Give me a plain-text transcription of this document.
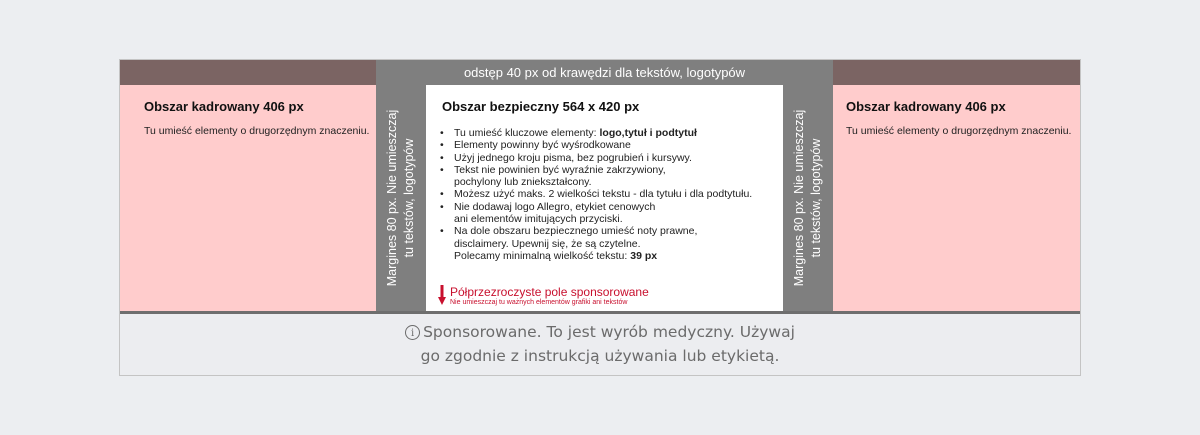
odstęp 40 px od krawędzi dla tekstów, logotypów
Obszar kadrowany 406 px
Tu umieść elementy o drugorzędnym znaczeniu. Margines 80 px. Nie umieszczaj tu tekstów, logotypów
Obszar bezpieczny 564 x 420 px
• Tu umieść kluczowe elementy: logo,tytuł i podtytuł
• Elementy powinny być wyśrodkowane
• Użyj jednego kroju pisma, bez pogrubień i kursywy.
• Tekst nie powinien być wyraźnie zakrzywiony,
pochylony lub zniekształcony.
• Możesz użyć maks. 2 wielkości tekstu - dla tytułu i dla podtytułu.
• Nie dodawaj logo Allegro, etykiet cenowych
ani elementów imitujących przyciski.
• Na dole obszaru bezpiecznego umieść noty prawne,
disclaimery. Upewnij się, że są czytelne.
Polecamy minimalną wielkość tekstu: 39 px
Półprzezroczyste pole sponsorowane
Nie umieszczaj tu ważnych elementów grafiki ani tekstów
Margines 80 px. Nie umieszczaj tu tekstów, logotypów
Obszar kadrowany 406 px
Tu umieść elementy o drugorzędnym znaczeniu.
i Sponsorowane. To jest wyrób medyczny. Używaj
go zgodnie z instrukcją używania lub etykietą.
